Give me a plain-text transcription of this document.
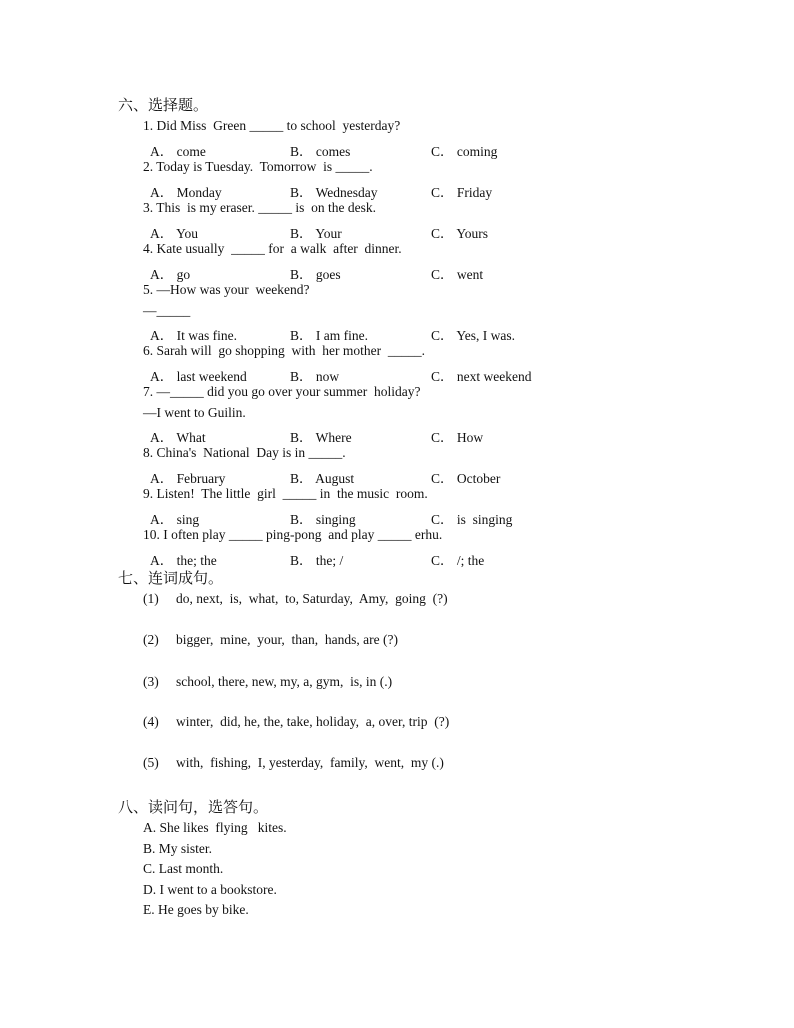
六、选择题。
1. Did Miss  Green _____ to school  yesterday?
A． come	B． comes	C． coming
2. Today is Tuesday.  Tomorrow  is _____.
A． Monday	B． Wednesday	C． Friday
3. This  is my eraser. _____ is  on the desk.
A． You	B． Your	C． Yours
4. Kate usually  _____ for  a walk  after  dinner.
A． go	B． goes	C． went
5. —How was your  weekend?
—_____
A． It was fine.	B． I am fine.	C． Yes, I was.
6. Sarah will  go shopping  with  her mother  _____.
A． last weekend	B． now	C． next weekend
7. —_____ did you go over your summer  holiday?
—I went to Guilin.
A． What	B． Where	C． How
8. China's  National  Day is in _____.
A． February	B． August	C． October
9. Listen!  The little  girl  _____ in  the music  room.
A． sing	B． singing	C． is  singing
10. I often play _____ ping-pong  and play _____ erhu.
A． the; the	B． the; /	C． /; the
七、连词成句。
(1) do, next,  is,  what,  to, Saturday,  Amy,  going  (?)
(2) bigger,  mine,  your,  than,  hands, are (?)
(3) school, there, new, my, a, gym,  is, in (.)
(4) winter,  did, he, the, take, holiday,  a, over, trip  (?)
(5) with,  fishing,  I, yesterday,  family,  went,  my (.)
八、读问句，选答句。
A. She likes  flying   kites.
B. My sister.
C. Last month.
D. I went to a bookstore.
E. He goes by bike.
